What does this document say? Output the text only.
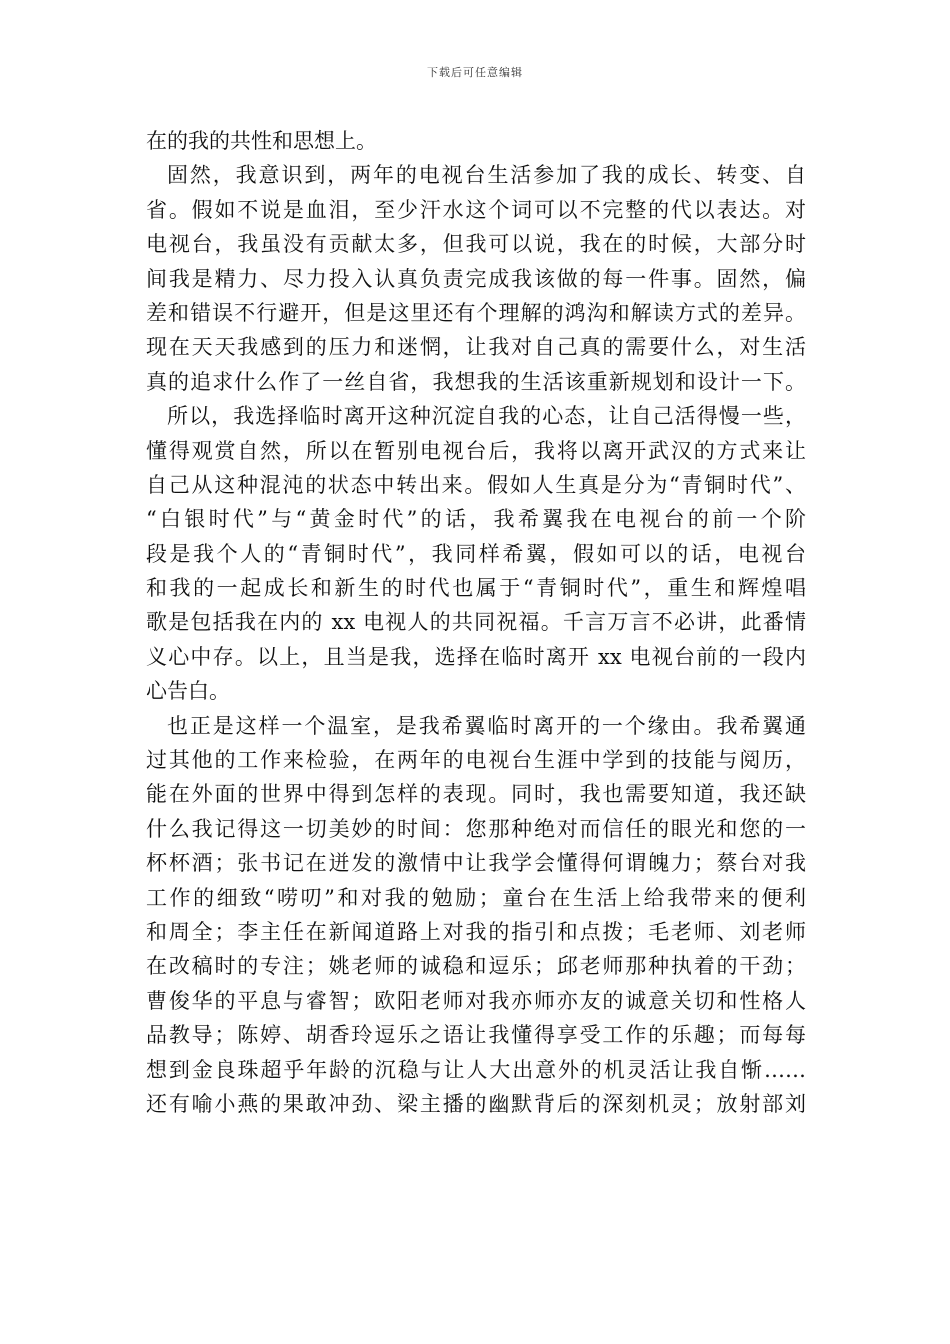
下载后可任意编辑
在的我的共性和思想上。
固然，我意识到，两年的电视台生活参加了我的成长、转变、自
省。假如不说是血泪，至少汗水这个词可以不完整的代以表达。对
电视台，我虽没有贡献太多，但我可以说，我在的时候，大部分时
间我是精力、尽力投入认真负责完成我该做的每一件事。固然，偏
差和错误不行避开，但是这里还有个理解的鸿沟和解读方式的差异。
现在天天我感到的压力和迷惘，让我对自己真的需要什么，对生活
真的追求什么作了一丝自省，我想我的生活该重新规划和设计一下。
所以，我选择临时离开这种沉淀自我的心态，让自己活得慢一些，
懂得观赏自然，所以在暂别电视台后，我将以离开武汉的方式来让
自己从这种混沌的状态中转出来。假如人生真是分为“青铜时代”、
“白银时代”与“黄金时代”的话，我希翼我在电视台的前一个阶
段是我个人的“青铜时代”，我同样希翼，假如可以的话，电视台
和我的一起成长和新生的时代也属于“青铜时代”，重生和辉煌唱
歌是包括我在内的 xx 电视人的共同祝福。千言万言不必讲，此番情
义心中存。以上，且当是我，选择在临时离开 xx 电视台前的一段内
心告白。
也正是这样一个温室，是我希翼临时离开的一个缘由。我希翼通
过其他的工作来检验，在两年的电视台生涯中学到的技能与阅历，
能在外面的世界中得到怎样的表现。同时，我也需要知道，我还缺
什么我记得这一切美妙的时间：您那种绝对而信任的眼光和您的一
杯杯酒；张书记在迸发的激情中让我学会懂得何谓魄力；蔡台对我
工作的细致“唠叨”和对我的勉励；童台在生活上给我带来的便利
和周全；李主任在新闻道路上对我的指引和点拨；毛老师、刘老师
在改稿时的专注；姚老师的诚稳和逗乐；邱老师那种执着的干劲；
曹俊华的平息与睿智；欧阳老师对我亦师亦友的诚意关切和性格人
品教导；陈婷、胡香玲逗乐之语让我懂得享受工作的乐趣；而每每
想到金良珠超乎年龄的沉稳与让人大出意外的机灵活让我自惭……
还有喻小燕的果敢冲劲、梁主播的幽默背后的深刻机灵；放射部刘
